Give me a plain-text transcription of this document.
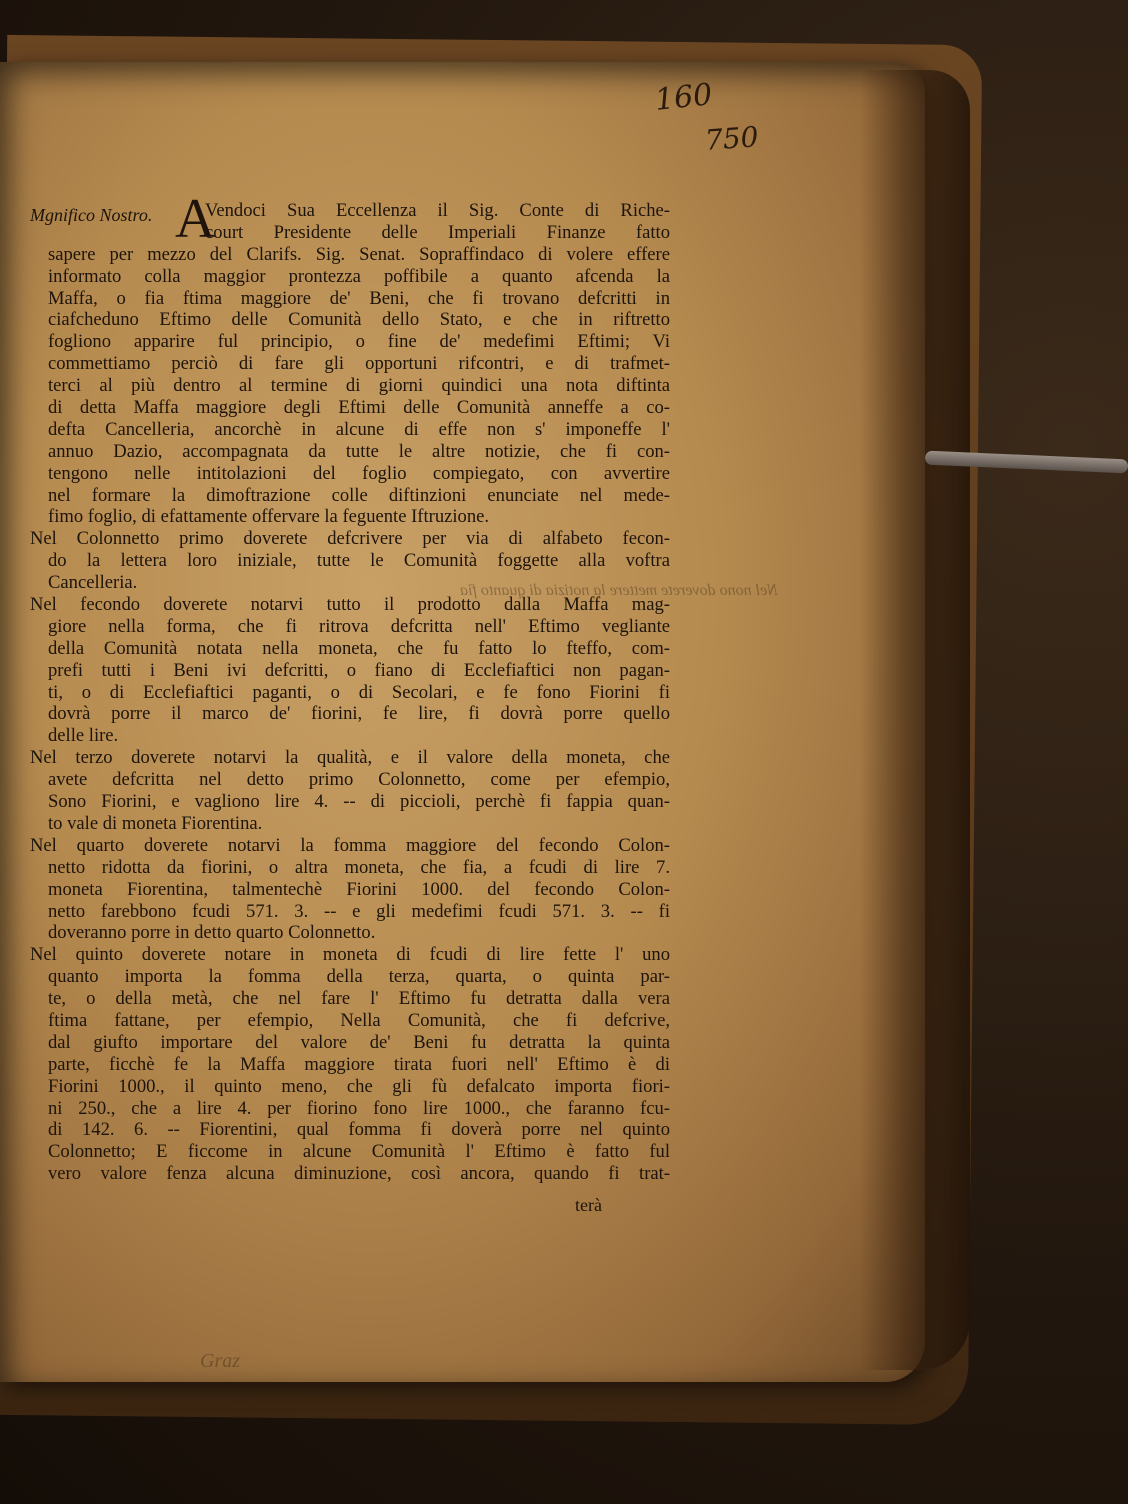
160
750
Mgnifico Nostro. A
Nel nono doverete mettere la notizia di quanto fia
Graz

Vendoci Sua Eccellenza il Sig. Conte di Riche-

court Presidente delle Imperiali Finanze fatto

sapere per mezzo del Clarifs. Sig. Senat. Sopraffindaco di volere effere

informato colla maggior prontezza poffibile a quanto afcenda la

Maffa, o fia ftima maggiore de' Beni, che fi trovano defcritti in

ciafcheduno Eftimo delle Comunità dello Stato, e che in riftretto

fogliono apparire ful principio, o fine de' medefimi Eftimi; Vi

commettiamo perciò di fare gli opportuni rifcontri, e di trafmet-

terci al più dentro al termine di giorni quindici una nota diftinta

di detta Maffa maggiore degli Eftimi delle Comunità anneffe a co-

defta Cancelleria, ancorchè in alcune di effe non s' imponeffe l'

annuo Dazio, accompagnata da tutte le altre notizie, che fi con-

tengono nelle intitolazioni del foglio compiegato, con avvertire

nel formare la dimoftrazione colle diftinzioni enunciate nel mede-

fimo foglio, di efattamente offervare la feguente Iftruzione.

Nel Colonnetto primo doverete defcrivere per via di alfabeto fecon-

do la lettera loro iniziale, tutte le Comunità foggette alla voftra

Cancelleria.

Nel fecondo doverete notarvi tutto il prodotto dalla Maffa mag-

giore nella forma, che fi ritrova defcritta nell' Eftimo vegliante

della Comunità notata nella moneta, che fu fatto lo fteffo, com-

prefi tutti i Beni ivi defcritti, o fiano di Ecclefiaftici non pagan-

ti, o di Ecclefiaftici paganti, o di Secolari, e fe fono Fiorini fi

dovrà porre il marco de' fiorini, fe lire, fi dovrà porre quello

delle lire.

Nel terzo doverete notarvi la qualità, e il valore della moneta, che

avete defcritta nel detto primo Colonnetto, come per efempio,

Sono Fiorini, e vagliono lire 4. -- di piccioli, perchè fi fappia quan-

to vale di moneta Fiorentina.

Nel quarto doverete notarvi la fomma maggiore del fecondo Colon-

netto ridotta da fiorini, o altra moneta, che fia, a fcudi di lire 7.

moneta Fiorentina, talmentechè Fiorini 1000. del fecondo Colon-

netto farebbono fcudi 571. 3. -- e gli medefimi fcudi 571. 3. -- fi

doveranno porre in detto quarto Colonnetto.

Nel quinto doverete notare in moneta di fcudi di lire fette l' uno

quanto importa la fomma della terza, quarta, o quinta par-

te, o della metà, che nel fare l' Eftimo fu detratta dalla vera

ftima fattane, per efempio, Nella Comunità, che fi defcrive,

dal giufto importare del valore de' Beni fu detratta la quinta

parte, ficchè fe la Maffa maggiore tirata fuori nell' Eftimo è di

Fiorini 1000., il quinto meno, che gli fù defalcato importa fiori-

ni 250., che a lire 4. per fiorino fono lire 1000., che faranno fcu-

di 142. 6. -- Fiorentini, qual fomma fi doverà porre nel quinto

Colonnetto; E ficcome in alcune Comunità l' Eftimo è fatto ful

vero valore fenza alcuna diminuzione, così ancora, quando fi trat-

terà
